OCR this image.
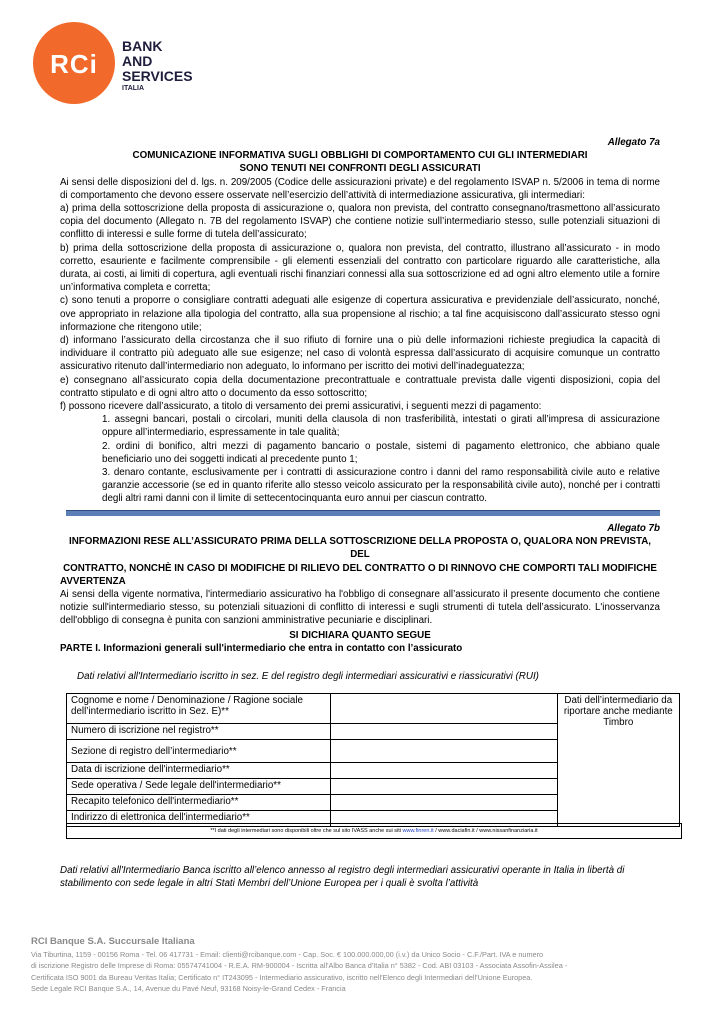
RCi
BANK
AND
SERVICES
ITALIA
Allegato 7a
COMUNICAZIONE INFORMATIVA SUGLI OBBLIGHI DI COMPORTAMENTO CUI GLI INTERMEDIARI
SONO TENUTI NEI CONFRONTI DEGLI ASSICURATI
Ai sensi delle disposizioni del d. lgs. n. 209/2005 (Codice delle assicurazioni private) e del regolamento ISVAP n. 5/2006 in tema di norme di comportamento che devono essere osservate nell’esercizio dell’attività di intermediazione assicurativa, gli intermediari:
a) prima della sottoscrizione della proposta di assicurazione o, qualora non prevista, del contratto consegnano/trasmettono all’assicurato copia del documento (Allegato n. 7B del regolamento ISVAP) che contiene notizie sull’intermediario stesso, sulle potenziali situazioni di conflitto di interessi e sulle forme di tutela dell’assicurato;
b) prima della sottoscrizione della proposta di assicurazione o, qualora non prevista, del contratto, illustrano all’assicurato - in modo corretto, esauriente e facilmente comprensibile - gli elementi essenziali del contratto con particolare riguardo alle caratteristiche, alla durata, ai costi, ai limiti di copertura, agli eventuali rischi finanziari connessi alla sua sottoscrizione ed ad ogni altro elemento utile a fornire un’informativa completa e corretta;
c) sono tenuti a proporre o consigliare contratti adeguati alle esigenze di copertura assicurativa e previdenziale dell’assicurato, nonché, ove appropriato in relazione alla tipologia del contratto, alla sua propensione al rischio; a tal fine acquisiscono dall’assicurato stesso ogni informazione che ritengono utile;
d) informano l’assicurato della circostanza che il suo rifiuto di fornire una o più delle informazioni richieste pregiudica la capacità di individuare il contratto più adeguato alle sue esigenze; nel caso di volontà espressa dall’assicurato di acquisire comunque un contratto assicurativo ritenuto dall’intermediario non adeguato, lo informano per iscritto dei motivi dell’inadeguatezza;
e) consegnano all’assicurato copia della documentazione precontrattuale e contrattuale prevista dalle vigenti disposizioni, copia del contratto stipulato e di ogni altro atto o documento da esso sottoscritto;
f) possono ricevere dall’assicurato, a titolo di versamento dei premi assicurativi, i seguenti mezzi di pagamento:
1. assegni bancari, postali o circolari, muniti della clausola di non trasferibilità, intestati o girati all’impresa di assicurazione oppure all’intermediario, espressamente in tale qualità;
2. ordini di bonifico, altri mezzi di pagamento bancario o postale, sistemi di pagamento elettronico, che abbiano quale beneficiario uno dei soggetti indicati al precedente punto 1;
3. denaro contante, esclusivamente per i contratti di assicurazione contro i danni del ramo responsabilità civile auto e relative garanzie accessorie (se ed in quanto riferite allo stesso veicolo assicurato per la responsabilità civile auto), nonché per i contratti degli altri rami danni con il limite di settecentocinquanta euro annui per ciascun contratto.
Allegato 7b
INFORMAZIONI RESE ALL’ASSICURATO PRIMA DELLA SOTTOSCRIZIONE DELLA PROPOSTA O, QUALORA NON PREVISTA, DEL
CONTRATTO, NONCHÈ IN CASO DI MODIFICHE DI RILIEVO DEL CONTRATTO O DI RINNOVO CHE COMPORTI TALI MODIFICHE
AVVERTENZA
Ai sensi della vigente normativa, l'intermediario assicurativo ha l'obbligo di consegnare all’assicurato il presente documento che contiene notizie sull'intermediario stesso, su potenziali situazioni di conflitto di interessi e sugli strumenti di tutela dell’assicurato. L'inosservanza dell'obbligo di consegna è punita con sanzioni amministrative pecuniarie e disciplinari.
SI DICHIARA QUANTO SEGUE
PARTE I. Informazioni generali sull'intermediario che entra in contatto con l’assicurato
Dati relativi all'Intermediario iscritto in sez. E del registro degli intermediari assicurativi e riassicurativi (RUI)
Cognome e nome / Denominazione / Ragione sociale dell’intermediario iscritto in Sez. E)**		Dati dell’intermediario da riportare anche mediante Timbro
Numero di iscrizione nel registro**		
Sezione di registro dell’intermediario**		
Data di iscrizione dell'intermediario**		
Sede operativa / Sede legale dell'intermediario**		
Recapito telefonico dell'intermediario**		
Indirizzo di elettronica dell'intermediario**		
**I dati degli intermediari sono disponibili oltre che sul sito IVASS anche sui siti www.finren.it / www.daciafin.it / www.nissanfinanziaria.it
Dati relativi all'Intermediario Banca iscritto all’elenco annesso al registro degli intermediari assicurativi operante in Italia in libertà di stabilimento con sede legale in altri Stati Membri dell’Unione Europea per i quali è svolta l’attività
RCI Banque S.A. Succursale Italiana
Via Tiburtina, 1159 - 00156 Roma - Tel. 06 417731 - Email: clienti@rcibanque.com - Cap. Soc. € 100.000.000,00 (i.v.) da Unico Socio - C.F./Part. IVA e numero
di iscrizione Registro delle Imprese di Roma: 05574741004 - R.E.A. RM-900004 - Iscritta all'Albo Banca d'Italia n° 5382 - Cod. ABI 03103 - Associata Assofin-Assilea -
Certificata ISO 9001 da Bureau Veritas Italia; Certificato n° IT243095 - Intermediario assicurativo, iscritto nell'Elenco degli Intermediari dell'Unione Europea.
Sede Legale RCI Banque S.A., 14, Avenue du Pavé Neuf, 93168 Noisy-le-Grand Cedex - Francia
